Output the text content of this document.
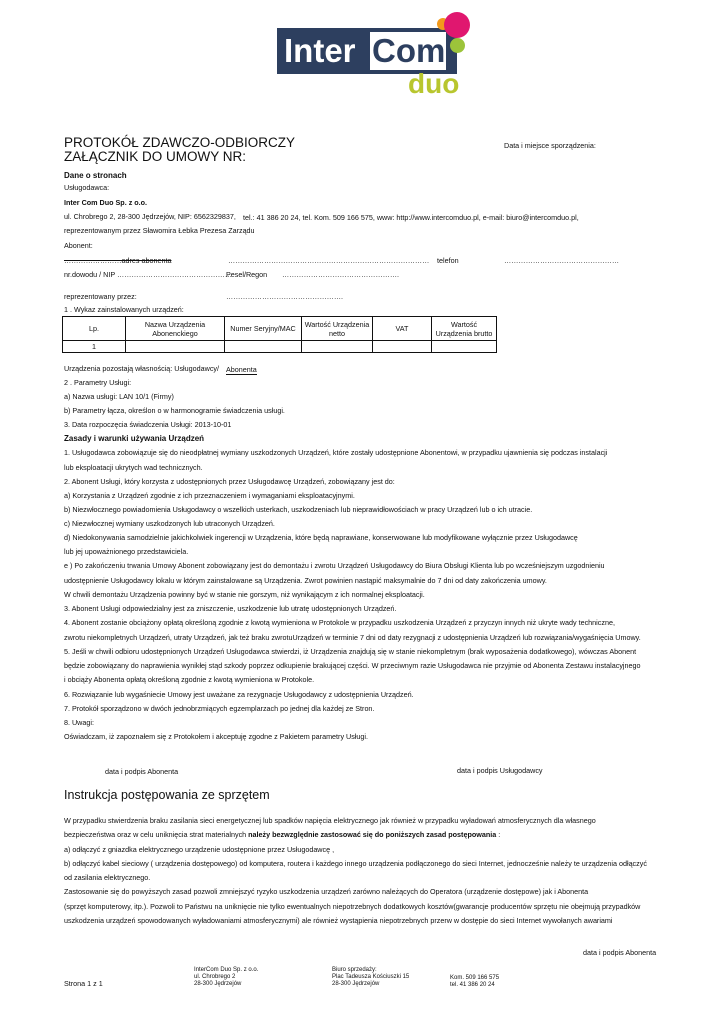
Inter Com
duo
PROTOKÓŁ ZDAWCZO-ODBIORCZY
ZAŁĄCZNIK DO UMOWY NR:
Data i miejsce sporządzenia:
Dane o stronach
Usługodawca:
Inter Com Duo Sp. z o.o.
ul. Chrobrego 2, 28-300 Jędrzejów, NIP: 6562329837, tel.: 41 386 20 24, tel. Kom. 509 166 575, www: http://www.intercomduo.pl, e-mail: biuro@intercomduo.pl,
reprezentowanym przez Sławomira Łebka Prezesa Zarządu
Abonent:
……………………adres abonenta	………………………………………………………………………… telefon	…………………………………………
nr.dowodu / NIP …………………………………………
Pesel/Regon ………………………………………….
reprezentowany przez:	………………………………………….
1 . Wykaz zainstalowanych urządzeń:
Lp.	Nazwa Urządzenia Abonenckiego	Numer Seryjny/MAC	Wartość Urządzenia netto	VAT	Wartość Urządzenia brutto
1					
Urządzenia pozostają własnością: Usługodawcy/ Abonenta
2 . Parametry Usługi:
a) Nazwa usługi: LAN 10/1 (Firmy)
b) Parametry łącza, określon o w harmonogramie świadczenia usługi.
3. Data rozpoczęcia świadczenia Usługi: 2013-10-01
Zasady i warunki używania Urządzeń
1. Usługodawca zobowiązuje się do nieodpłatnej wymiany uszkodzonych Urządzeń, które zostały udostępnione Abonentowi, w przypadku ujawnienia się podczas instalacji
lub eksploatacji ukrytych wad technicznych.
2. Abonent Usługi, który korzysta z udostępnionych przez Usługodawcę Urządzeń, zobowiązany jest do:
a) Korzystania z Urządzeń zgodnie z ich przeznaczeniem i wymaganiami eksploatacyjnymi.
b) Niezwłocznego powiadomienia Usługodawcy o wszelkich usterkach, uszkodzeniach lub nieprawidłowościach w pracy Urządzeń lub o ich utracie.
c) Niezwłocznej wymiany uszkodzonych lub utraconych Urządzeń.
d) Niedokonywania samodzielnie jakichkolwiek ingerencji w Urządzenia, które będą naprawiane, konserwowane lub modyfikowane wyłącznie przez Usługodawcę
lub jej upoważnionego przedstawiciela.
e ) Po zakończeniu trwania Umowy Abonent zobowiązany jest do demontażu i zwrotu Urządzeń Usługodawcy do Biura Obsługi Klienta lub po wcześniejszym uzgodnieniu
udostępnienie Usługodawcy lokalu w którym zainstalowane są Urządzenia. Zwrot powinien nastąpić maksymalnie do 7 dni od daty zakończenia umowy.
W chwili demontażu Urządzenia powinny być w stanie nie gorszym, niż wynikającym z ich normalnej eksploatacji.
3. Abonent Usługi odpowiedzialny jest za zniszczenie, uszkodzenie lub utratę udostępnionych Urządzeń.
4. Abonent zostanie obciążony opłatą określoną zgodnie z kwotą wymieniona w Protokole w przypadku uszkodzenia Urządzeń z przyczyn innych niż ukryte wady techniczne,
zwrotu niekompletnych Urządzeń, utraty Urządzeń, jak też braku zwrotuUrządzeń w terminie 7 dni od daty rezygnacji z udostępnienia Urządzeń lub rozwiązania/wygaśnięcia Umowy.
5. Jeśli w chwili odbioru udostępnionych Urządzeń Usługodawca stwierdzi, iż Urządzenia znajdują się w stanie niekompletnym (brak wyposażenia dodatkowego), wówczas Abonent
będzie zobowiązany do naprawienia wynikłej stąd szkody poprzez odkupienie brakującej części. W przeciwnym razie Usługodawca nie przyjmie od Abonenta Zestawu instalacyjnego
i obciąży Abonenta opłatą określoną zgodnie z kwotą wymieniona w Protokole.
6. Rozwiązanie lub wygaśniecie Umowy jest uważane za rezygnacje Usługodawcy z udostępnienia Urządzeń.
7. Protokół sporządzono w dwóch jednobrzmiących egzemplarzach po jednej dla każdej ze Stron.
8. Uwagi:
Oświadczam, iż zapoznałem się z Protokołem i akceptuję zgodne z Pakietem parametry Usługi.
data i podpis Abonenta	data i podpis Usługodawcy
Instrukcja postępowania ze sprzętem
W przypadku stwierdzenia braku zasilania sieci energetycznej lub spadków napięcia elektrycznego jak również w przypadku wyładowań atmosferycznych dla własnego
bezpieczeństwa oraz w celu uniknięcia strat materialnych należy bezwzględnie zastosować się do poniższych zasad postępowania :
a) odłączyć z gniazdka elektrycznego urządzenie udostępnione przez Usługodawcę ,
b) odłączyć kabel sieciowy ( urządzenia dostępowego) od komputera, routera i każdego innego urządzenia podłączonego do sieci Internet, jednocześnie należy te urządzenia odłączyć
od zasilania elektrycznego.
Zastosowanie się do powyższych zasad pozwoli zmniejszyć ryzyko uszkodzenia urządzeń zarówno należących do Operatora (urządzenie dostępowe) jak i Abonenta
(sprzęt komputerowy, itp.). Pozwoli to Państwu na uniknięcie nie tylko ewentualnych niepotrzebnych dodatkowych kosztów(gwarancje producentów sprzętu nie obejmują przypadków
uszkodzenia urządzeń spowodowanych wyładowaniami atmosferycznymi) ale również wystąpienia niepotrzebnych przerw w dostępie do sieci Internet wywołanych awariami
data i podpis Abonenta
Strona 1 z 1
InterCom Duo Sp. z o.o.
ul. Chrobrego 2
28-300 Jędrzejów
Biuro sprzedaży:
Plac Tadeusza Kościuszki 15
28-300 Jędrzejów
Kom. 509 166 575
tel. 41 386 20 24
